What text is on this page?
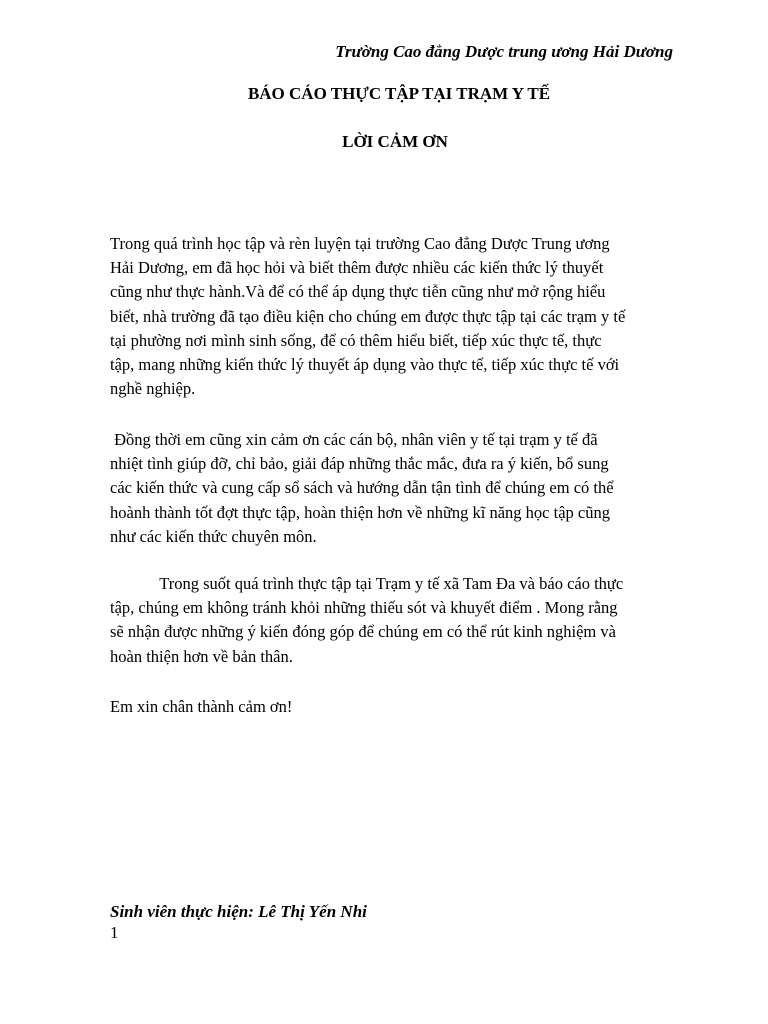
Trường Cao đẳng Dược trung ương Hải Dương
BÁO CÁO THỰC TẬP TẠI TRẠM Y TẾ
LỜI CẢM ƠN

Trong quá trình học tập và rèn luyện tại trường Cao đẳng Dược Trung ương
Hải Dương, em đã học hỏi và biết thêm được nhiều các kiến thức lý thuyết
cũng như thực hành.Và để có thể áp dụng thực tiễn cũng như mở rộng hiểu
biết, nhà trường đã tạo điều kiện cho chúng em được thực tập tại các trạm y tế
tại phường nơi mình sinh sống, để có thêm hiểu biết, tiếp xúc thực tế, thực
tập, mang những kiến thức lý thuyết áp dụng vào thực tế, tiếp xúc thực tế với
nghề nghiệp.

Đồng thời em cũng xin cảm ơn các cán bộ, nhân viên y tế tại trạm y tế đã
nhiệt tình giúp đỡ, chỉ bảo, giải đáp những thắc mắc, đưa ra ý kiến, bổ sung
các kiến thức và cung cấp sổ sách và hướng dẫn tận tình để chúng em có thể
hoành thành tốt đợt thực tập, hoàn thiện hơn về những kĩ năng học tập cũng
như các kiến thức chuyên môn.

Trong suốt quá trình thực tập tại Trạm y tế xã Tam Đa và báo cáo thực
tập, chúng em không tránh khỏi những thiếu sót và khuyết điểm . Mong rằng
sẽ nhận được những ý kiến đóng góp để chúng em có thể rút kinh nghiệm và
hoàn thiện hơn về bản thân.

Em xin chân thành cảm ơn!

Sinh viên thực hiện: Lê Thị Yến Nhi
1
